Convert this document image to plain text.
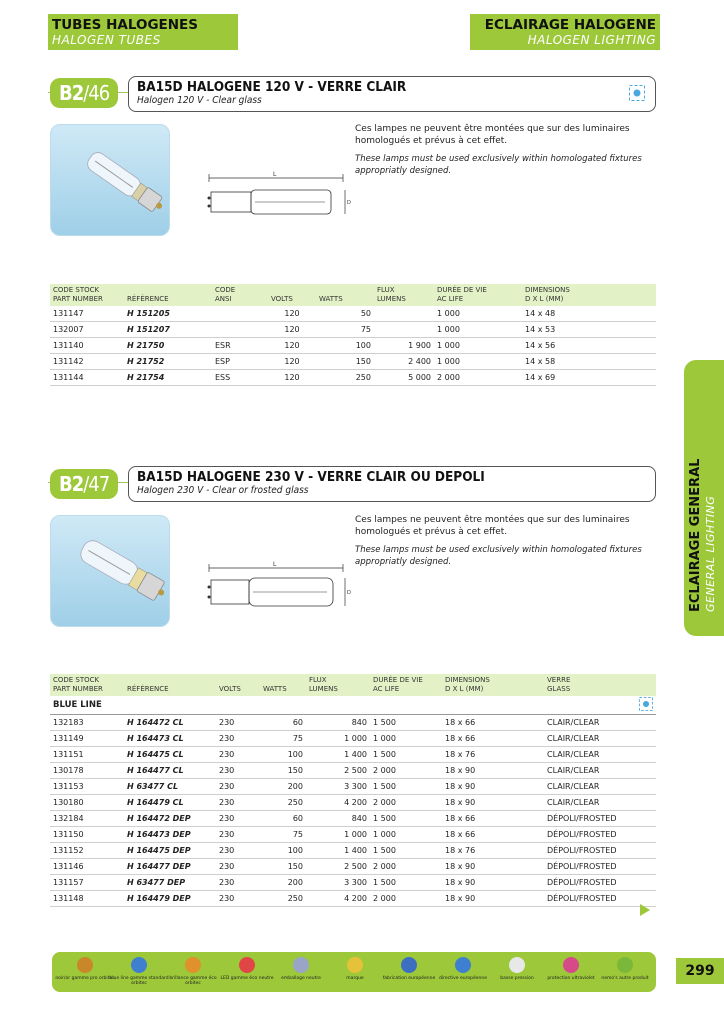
TUBES HALOGENES
HALOGEN TUBES
ECLAIRAGE HALOGENE
HALOGEN LIGHTING
ECLAIRAGE GENERAL GENERAL LIGHTING
B2/46 BA15D HALOGENE 120 V - VERRE CLAIR
Halogen 120 V - Clear glass
L
D
Ces lampes ne peuvent être montées que sur des luminaires homologués et prévus à cet effet.
These lamps must be used exclusively within homologated fixtures appropriatly designed.
CODE STOCK
PART NUMBER	RÉFÉRENCE	CODE
ANSI	VOLTS	WATTS	FLUX
LUMENS	DURÉE DE VIE
AC LIFE	DIMENSIONS
D X L (MM)
131147	H 151205		120	50		1 000	14 x 48
132007	H 151207		120	75		1 000	14 x 53
131140	H 21750	ESR	120	100	1 900	1 000	14 x 56
131142	H 21752	ESP	120	150	2 400	1 000	14 x 58
131144	H 21754	ESS	120	250	5 000	2 000	14 x 69
B2/47 BA15D HALOGENE 230 V - VERRE CLAIR OU DEPOLI
Halogen 230 V - Clear or frosted glass
L
D
Ces lampes ne peuvent être montées que sur des luminaires homologués et prévus à cet effet.
These lamps must be used exclusively within homologated fixtures appropriatly designed.
CODE STOCK
PART NUMBER	RÉFÉRENCE	VOLTS	WATTS	FLUX
LUMENS	DURÉE DE VIE
AC LIFE	DIMENSIONS
D X L (MM)	VERRE
GLASS
BLUE LINE	
132183	H 164472 CL	230	60	840	1 500	18 x 66	CLAIR/CLEAR
131149	H 164473 CL	230	75	1 000	1 000	18 x 66	CLAIR/CLEAR
131151	H 164475 CL	230	100	1 400	1 500	18 x 76	CLAIR/CLEAR
130178	H 164477 CL	230	150	2 500	2 000	18 x 90	CLAIR/CLEAR
131153	H 63477 CL	230	200	3 300	1 500	18 x 90	CLAIR/CLEAR
130180	H 164479 CL	230	250	4 200	2 000	18 x 90	CLAIR/CLEAR
132184	H 164472 DEP	230	60	840	1 500	18 x 66	DÉPOLI/FROSTED
131150	H 164473 DEP	230	75	1 000	1 000	18 x 66	DÉPOLI/FROSTED
131152	H 164475 DEP	230	100	1 400	1 500	18 x 76	DÉPOLI/FROSTED
131146	H 164477 DEP	230	150	2 500	2 000	18 x 90	DÉPOLI/FROSTED
131157	H 63477 DEP	230	200	3 300	1 500	18 x 90	DÉPOLI/FROSTED
131148	H 164479 DEP	230	250	4 200	2 000	18 x 90	DÉPOLI/FROSTED
noir/or gamme pro orbitec
blue line gamme standard orbitec
brillance gamme éco orbitec
LED gamme éco neutre	emballage neutre	marque	fabrication européenne directive européenne	basse pression	protection ultraviolet	nemo's autre produit	299
